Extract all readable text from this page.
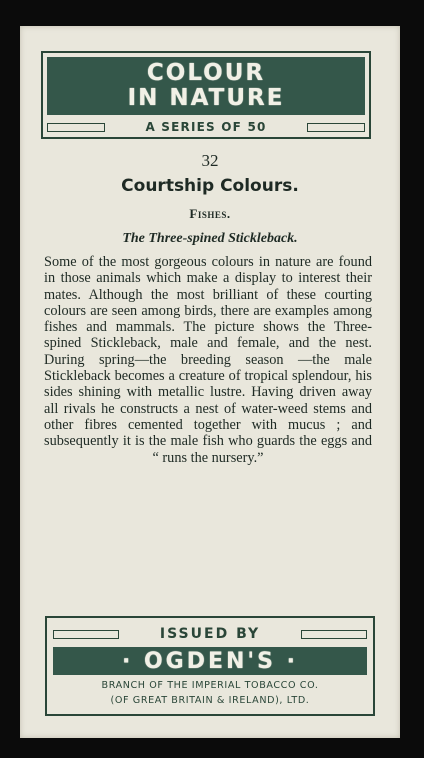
COLOUR
IN NATURE
A SERIES OF 50
32
Courtship Colours.
Fishes.
The Three-spined Stickleback.
Some of the most gorgeous colours in nature are found in those animals which make a display to interest their mates. Although the most brilliant of these courting colours are seen among birds, there are examples among fishes and mammals. The picture shows the Three-spined Stickleback, male and female, and the nest. During spring—the breeding season —the male Stickleback becomes a creature of tropical splendour, his sides shining with metallic lustre. Having driven away all rivals he constructs a nest of water-weed stems and other fibres cemented together with mucus ; and subsequently it is the male fish who guards the eggs and “ runs the nursery.”
ISSUED BY
· OGDEN'S ·
BRANCH OF THE IMPERIAL TOBACCO CO.
(OF GREAT BRITAIN & IRELAND), LTD.
